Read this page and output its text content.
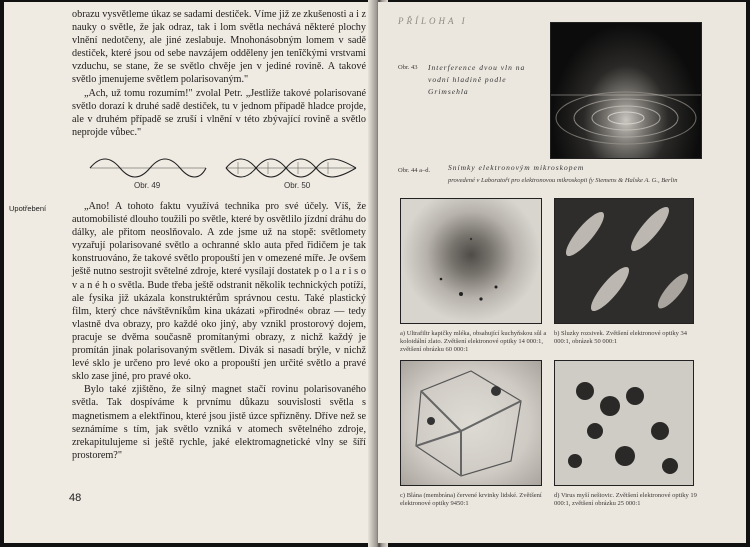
obrazu vysvětleme úkaz se sadami destiček. Víme již ze zkušenosti a i z nauky o světle, že jak odraz, tak i lom světla nechává některé plochy vlnění nedotčeny, ale jiné zeslabuje. Mnohonásobným lomem v sadě destiček, které jsou od sebe navzájem odděleny jen tenĭčkými vrstvami vzduchu, se stane, že se světlo chvěje jen v jediné rovině. A takové světlo jmenujeme světlem polarisovaným."

„Ach, už tomu rozumím!" zvolal Petr. „Jestliže takové polarisované světlo dorazí k druhé sadě destiček, tu v jednom případě hladce projde, ale v druhém případě se zruší i vlnění v této zbývající rovině a světlo neprojde vůbec."

Obr. 49	Obr. 50
Upotřebení	„Ano! A tohoto faktu využívá technika pro své účely. Víš, že automobilisté dlouho toužili po světle, které by osvětlilo jízdní dráhu do dálky, ale přitom neoslňovalo. A zde jsme už na stopě: světlomety vyzařují polarisované světlo a ochranné sklo auta před řidičem je tak konstruováno, že takové světlo propouští jen v omezené míře. Je ovšem ještě nutno sestrojit světelné zdroje, které vysílají dostatek p o l a r i s o v a n é h o světla. Bude třeba ještě odstranit několik technických potíží, ale fysika již ukázala konstruktérům správnou cestu. Také plastický film, který chce návštěvníkům kina ukázati »přirodné« obraz — tedy vlastně dva obrazy, pro každé oko jiný, aby vznikl prostorový dojem, pracuje se dvěma současně promítanými obrazy, z nichž každý je promítán jinak polarisovaným světlem. Divák si nasadí brýle, v nichž levé sklo je určeno pro levé oko a propouští jen určité světlo a pravé sklo zase jiné, pro pravé oko.

Bylo také zjištěno, že silný magnet stačí rovinu polarisovaného světla. Tak dospíváme k prvnímu důkazu souvislosti světla s magnetismem a elektřinou, které jsou jistě úzce spřízněny. Dříve než se seznámíme s tím, jak světlo vzniká v atomech světelného zdroje, zrekapitulujeme si ještě rychle, jaké elektromagnetické vlny se šíří prostorem?"

48
PŘÍLOHA I
Obr. 43	Interference dvou vln na vodní hladině podle Grimsehla
Obr. 44 a–d.	Snímky elektronovým mikroskopem
provedené v Laboratoři pro elektronovou mikroskopii fy Siemens & Halske A. G., Berlin
a) Ultrafiltr kapičky mléka, obsahující kuchyňskou sůl a koloidální zlato. Zvětšení elektronové optiky 14 000:1, zvětšení obrázku 60 000:1
b) Sluzky rozsivek. Zvětšení elektronové optiky 34 000:1, obrázek 50 000:1
c) Blána (membrána) červené krvinky lidské. Zvětšení elektronové optiky 9450:1
d) Virus myší neštovic. Zvětšení elektronové optiky 19 000:1, zvětšení obrázku 25 000:1
